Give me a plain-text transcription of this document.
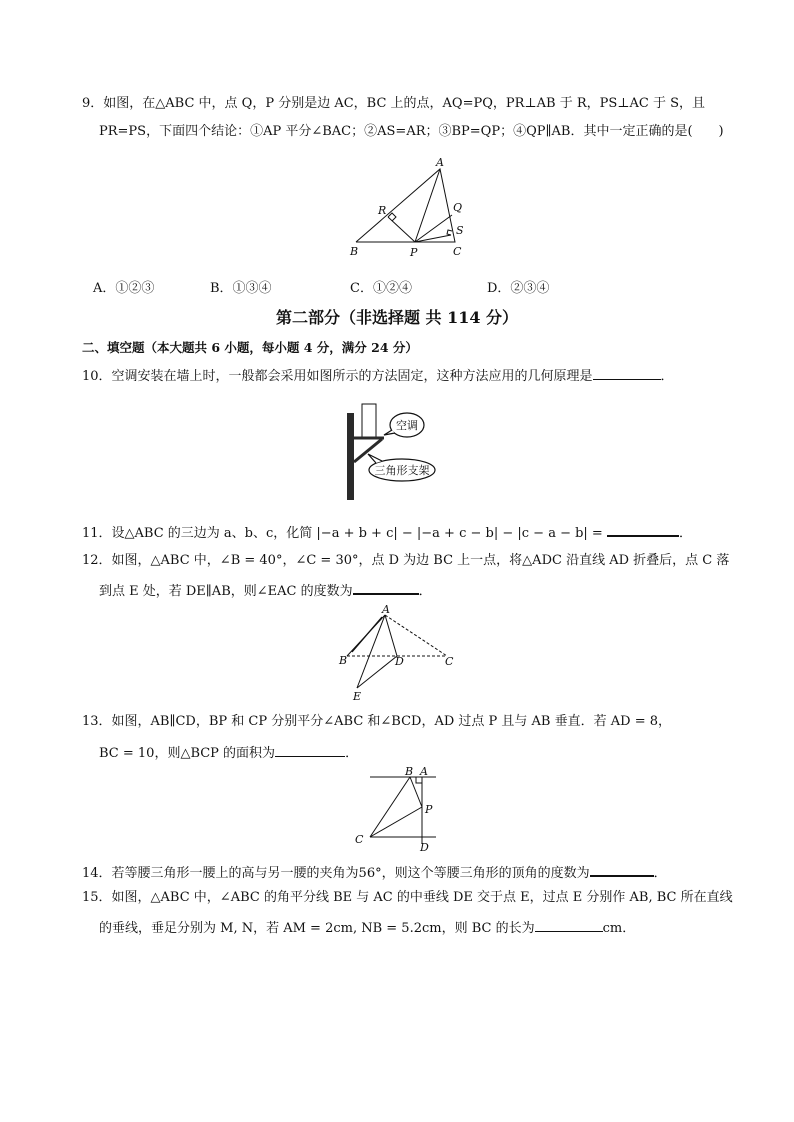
9．如图，在△ABC 中，点 Q，P 分别是边 AC，BC 上的点，AQ=PQ，PR⊥AB 于 R，PS⊥AC 于 S，且
PR=PS，下面四个结论：①AP 平分∠BAC；②AS=AR；③BP=QP；④QP∥AB．其中一定正确的是(　　)
A
B	C
P
Q
R
S
A．①②③	B．①③④	C．①②④	D．②③④
第二部分（非选择题 共 114 分）
二、填空题（本大题共 6 小题，每小题 4 分，满分 24 分）
10．空调安装在墙上时，一般都会采用如图所示的方法固定，这种方法应用的几何原理是	．
空调
三角形支架
11．设△ABC 的三边为 a、b、c，化简 |−a + b + c| − |−a + c − b| − |c − a − b| =	．
12．如图，△ABC 中，∠B = 40°，∠C = 30°，点 D 为边 BC 上一点，将△ADC 沿直线 AD 折叠后，点 C 落
到点 E 处，若 DE∥AB，则∠EAC 的度数为	．
A
B	C
D
E
13．如图，AB∥CD，BP 和 CP 分别平分∠ABC 和∠BCD，AD 过点 P 且与 AB 垂直．若 AD = 8，
BC = 10，则△BCP 的面积为	．
B A
P
C
D
14．若等腰三角形一腰上的高与另一腰的夹角为56°，则这个等腰三角形的顶角的度数为	．
15．如图，△ABC 中，∠ABC 的角平分线 BE 与 AC 的中垂线 DE 交于点 E，过点 E 分别作 AB, BC 所在直线
的垂线，垂足分别为 M, N，若 AM = 2cm, NB = 5.2cm，则 BC 的长为	cm．
